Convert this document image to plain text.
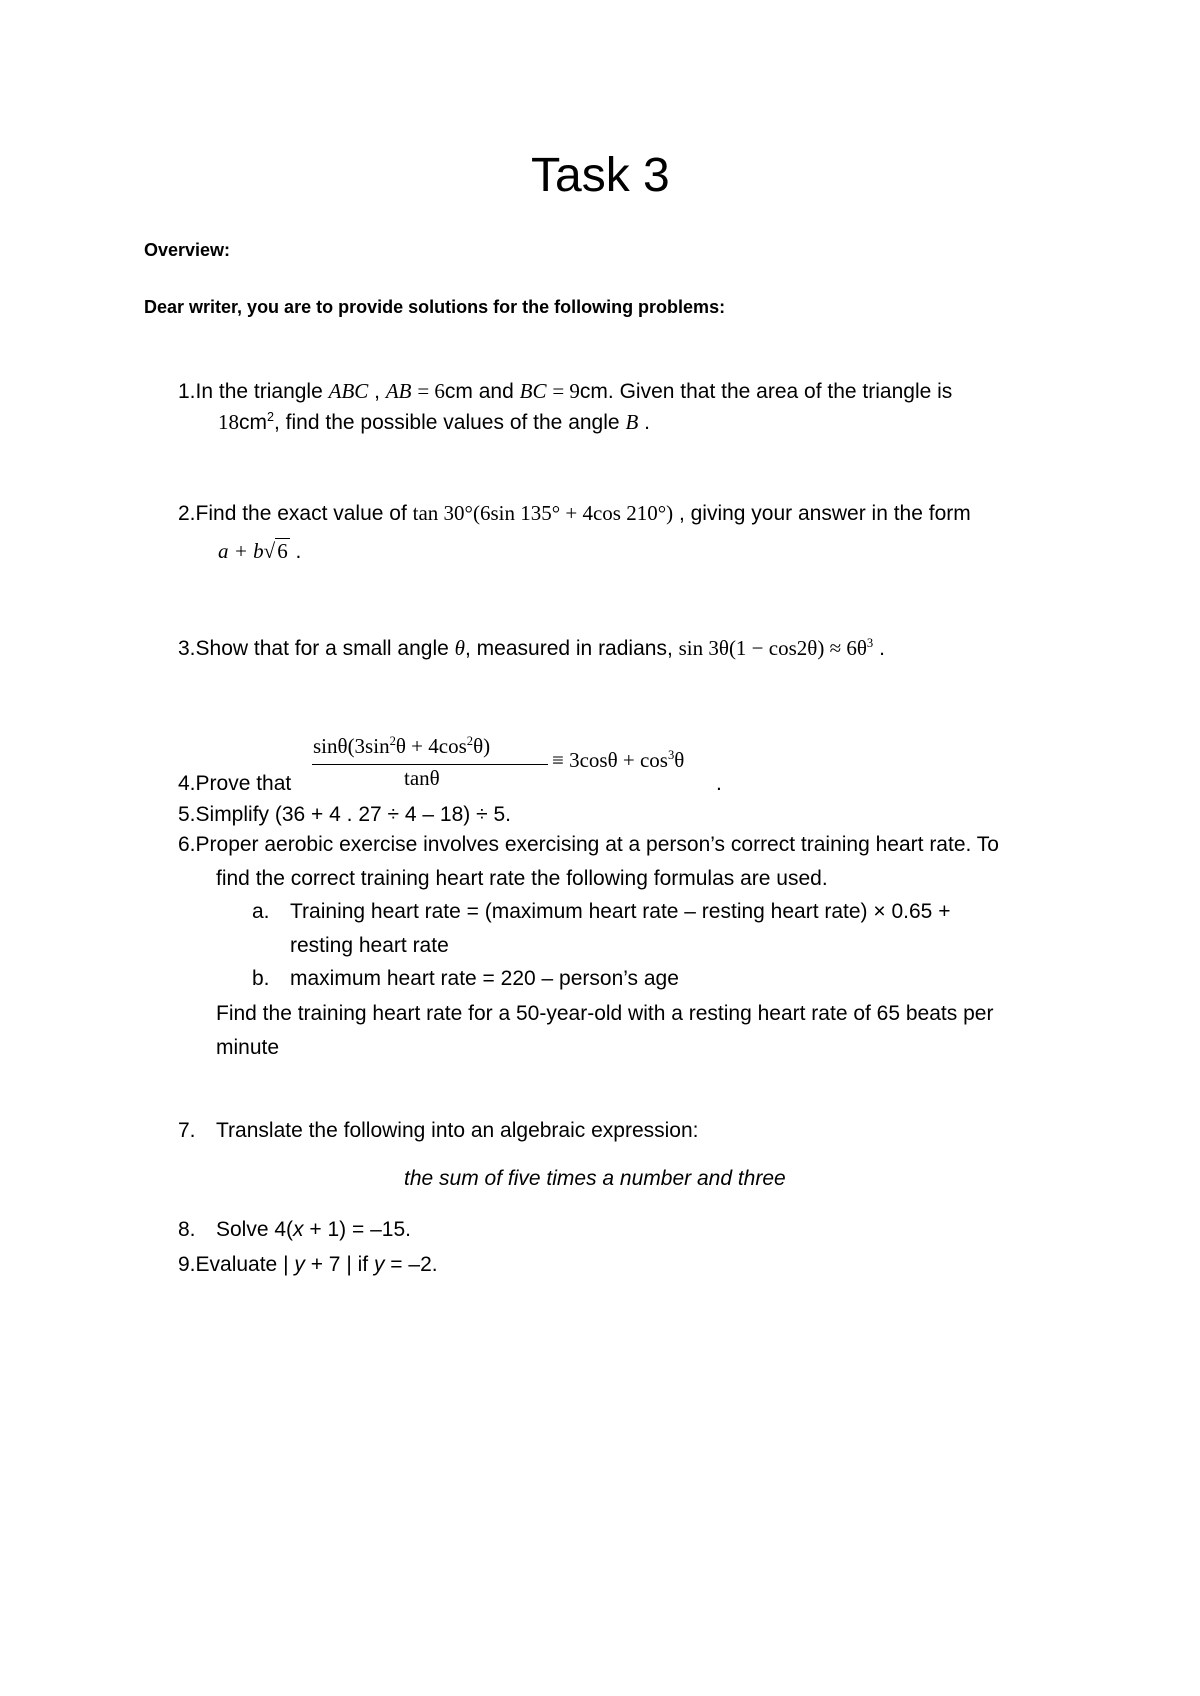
Task 3
Overview:
Dear writer, you are to provide solutions for the following problems:
1.In the triangle ABC , AB = 6cm and BC = 9cm. Given that the area of the triangle is
$18cm^2$, find the possible values of the angle B .
2.Find the exact value of tan 30°(6sin 135° + 4cos 210°) , giving your answer in the form
a + b√6 .
3.Show that for a small angle θ, measured in radians, $\sin 3\theta(1 - \cos 2\theta) \approx 6\theta^3$ .
$\sin\theta(3\sin^2\theta + 4\cos^2\theta)$
tanθ
≡ $3\cos\theta + \cos^3\theta$
4.Prove that	.
5.Simplify (36 + 4 . 27 ÷ 4 – 18) ÷ 5.
6.Proper aerobic exercise involves exercising at a person’s correct training heart rate. To
find the correct training heart rate the following formulas are used.
a. Training heart rate = (maximum heart rate – resting heart rate) × 0.65 +
resting heart rate
b. maximum heart rate = 220 – person’s age
Find the training heart rate for a 50-year-old with a resting heart rate of 65 beats per
minute
7. Translate the following into an algebraic expression:
the sum of five times a number and three
8. Solve 4(x + 1) = –15.
9.Evaluate | y + 7 | if y = –2.
